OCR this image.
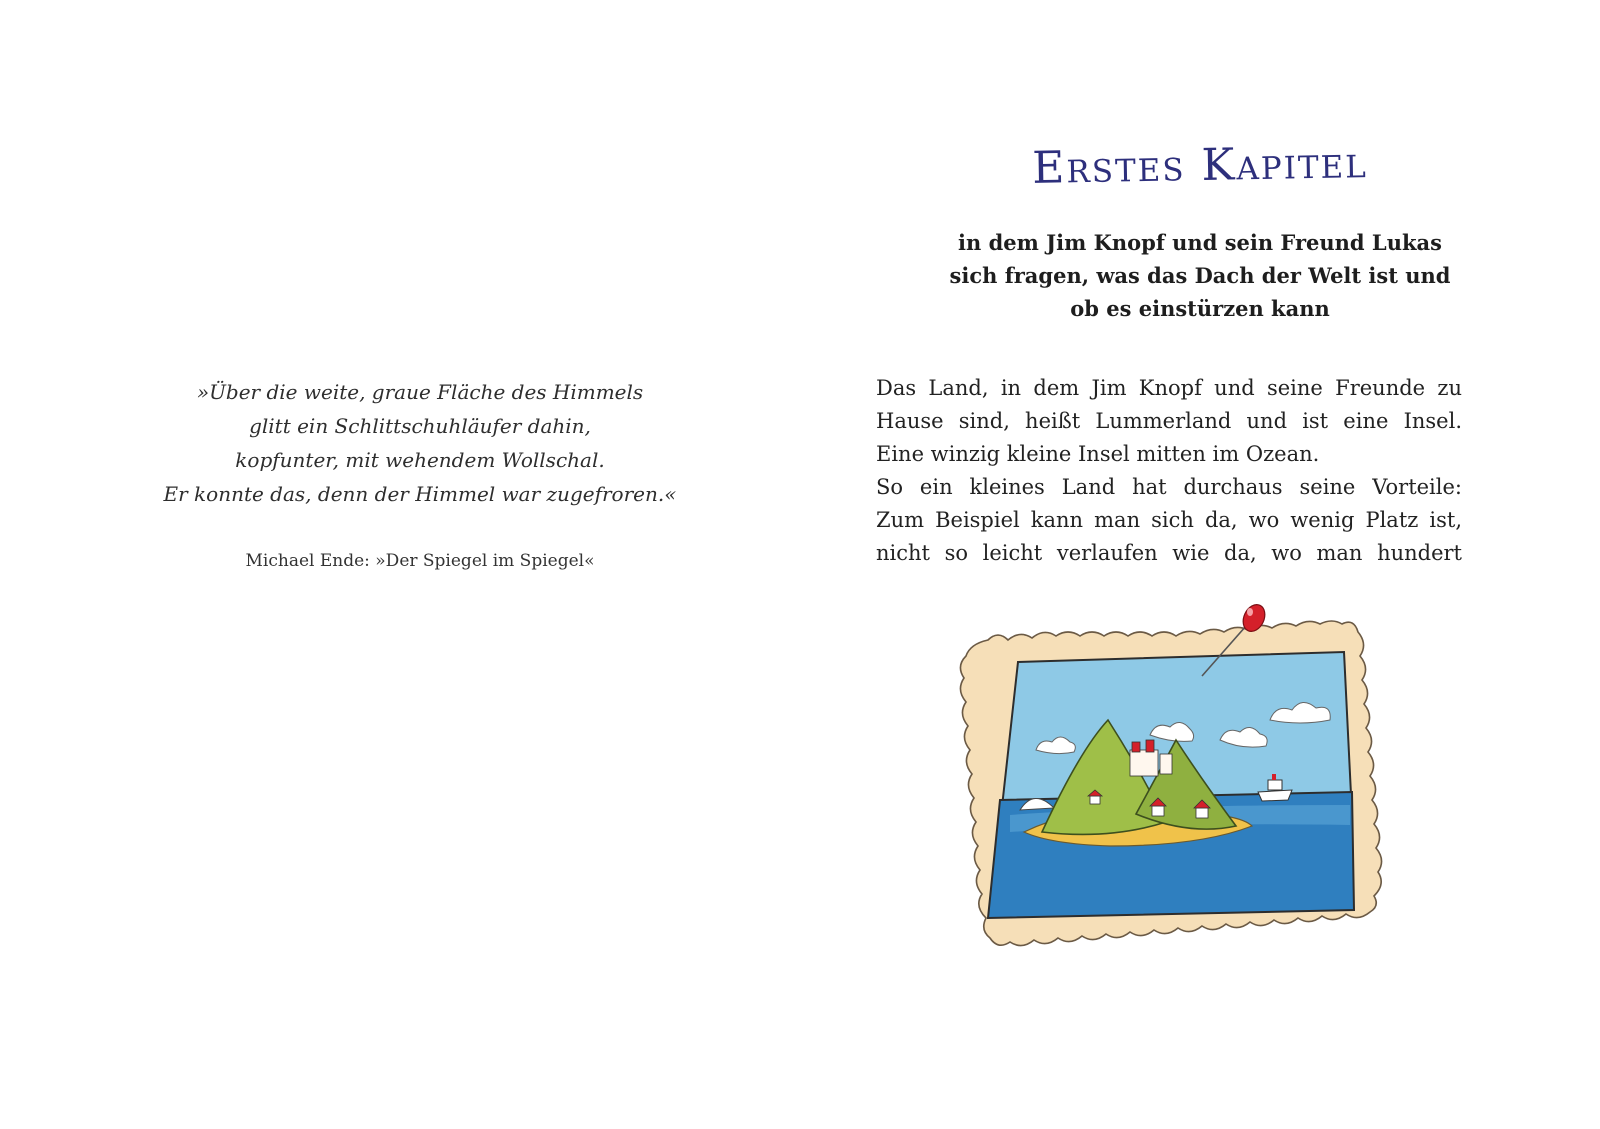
»Über die weite, graue Fläche des Himmels
glitt ein Schlittschuhläufer dahin,
kopfunter, mit wehendem Wollschal.
Er konnte das, denn der Himmel war zugefroren.«
Michael Ende: »Der Spiegel im Spiegel«
Erstes Kapitel
in dem Jim Knopf und sein Freund Lukas
sich fragen, was das Dach der Welt ist und
ob es einstürzen kann
Das Land, in dem Jim Knopf und seine Freunde zu
Hause sind, heißt Lummerland und ist eine Insel.
Eine winzig kleine Insel mitten im Ozean.
So ein kleines Land hat durchaus seine Vorteile:
Zum Beispiel kann man sich da, wo wenig Platz ist,
nicht so leicht verlaufen wie da, wo man hundert
